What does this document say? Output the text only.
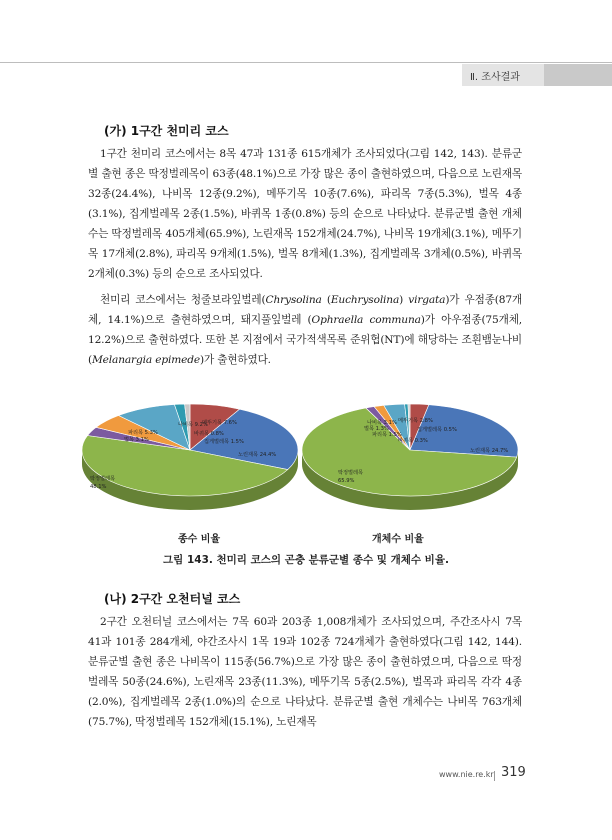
Ⅱ. 조사결과
(가) 1구간 천미리 코스

1구간 천미리 코스에서는 8목 47과 131종 615개체가 조사되었다(그림 142, 143). 분류군별 출현 종은 딱정벌레목이 63종(48.1%)으로 가장 많은 종이 출현하였으며, 다음으로 노린재목 32종(24.4%), 나비목 12종(9.2%), 메뚜기목 10종(7.6%), 파리목 7종(5.3%), 벌목 4종(3.1%), 집게벌레목 2종(1.5%), 바퀴목 1종(0.8%) 등의 순으로 나타났다. 분류군별 출현 개체수는 딱정벌레목 405개체(65.9%), 노린재목 152개체(24.7%), 나비목 19개체(3.1%), 메뚜기목 17개체(2.8%), 파리목 9개체(1.5%), 벌목 8개체(1.3%), 집게벌레목 3개체(0.5%), 바퀴목 2개체(0.3%) 등의 순으로 조사되었다.

천미리 코스에서는 청줄보라잎벌레(Chrysolina (Euchrysolina) virgata)가 우점종(87개체, 14.1%)으로 출현하였으며, 돼지풀잎벌레 (Ophraella communa)가 아우점종(75개체, 12.2%)으로 출현하였다. 또한 본 지점에서 국가적색목록 준위협(NT)에 해당하는 조흰뱀눈나비(Melanargia epimede)가 출현하였다.

딱정벌레목 48.1%
노린재목 24.4%
나비목 9.2%
메뚜기목 7.6%
파리목 5.3%
벌목 3.1%	집게벌레목 1.5%
바퀴목 0.8%
딱정벌레목 65.9%
노린재목 24.7%
나비목 3.1% 메뚜기목 2.8%
파리목 1.5%
벌목 1.3%	집게벌레목 0.5%
바퀴목 0.3%
종수 비율	개체수 비율
그림 143. 천미리 코스의 곤충 분류군별 종수 및 개체수 비율.
(나) 2구간 오천터널 코스

2구간 오천터널 코스에서는 7목 60과 203종 1,008개체가 조사되었으며, 주간조사시 7목 41과 101종 284개체, 야간조사시 1목 19과 102종 724개체가 출현하였다(그림 142, 144). 분류군별 출현 종은 나비목이 115종(56.7%)으로 가장 많은 종이 출현하였으며, 다음으로 딱정벌레목 50종(24.6%), 노린재목 23종(11.3%), 메뚜기목 5종(2.5%), 벌목과 파리목 각각 4종(2.0%), 집게벌레목 2종(1.0%)의 순으로 나타났다. 분류군별 출현 개체수는 나비목 763개체(75.7%), 딱정벌레목 152개체(15.1%), 노린재목

www.nie.re.kr 319
